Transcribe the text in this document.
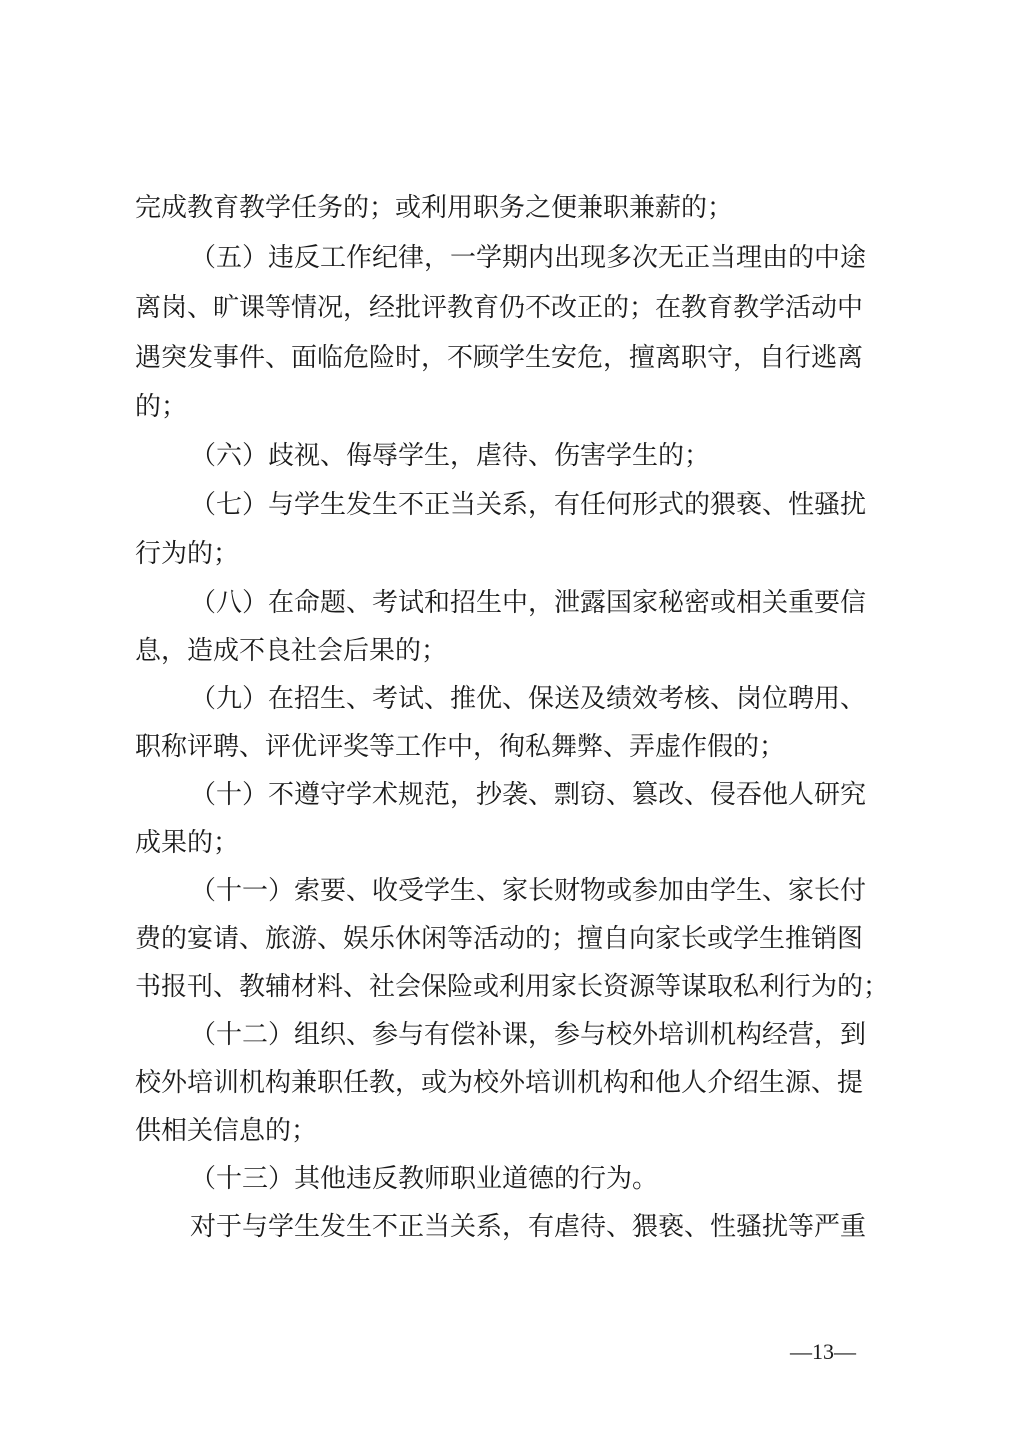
完成教育教学任务的；或利用职务之便兼职兼薪的；
（五）违反工作纪律，一学期内出现多次无正当理由的中途
离岗、旷课等情况，经批评教育仍不改正的；在教育教学活动中
遇突发事件、面临危险时，不顾学生安危，擅离职守，自行逃离
的；
（六）歧视、侮辱学生，虐待、伤害学生的；
（七）与学生发生不正当关系，有任何形式的猥亵、性骚扰
行为的；
（八）在命题、考试和招生中，泄露国家秘密或相关重要信
息，造成不良社会后果的；
（九）在招生、考试、推优、保送及绩效考核、岗位聘用、
职称评聘、评优评奖等工作中，徇私舞弊、弄虚作假的；
（十）不遵守学术规范，抄袭、剽窃、篡改、侵吞他人研究
成果的；
（十一）索要、收受学生、家长财物或参加由学生、家长付
费的宴请、旅游、娱乐休闲等活动的；擅自向家长或学生推销图
书报刊、教辅材料、社会保险或利用家长资源等谋取私利行为的；
（十二）组织、参与有偿补课，参与校外培训机构经营，到
校外培训机构兼职任教，或为校外培训机构和他人介绍生源、提
供相关信息的；
（十三）其他违反教师职业道德的行为。
对于与学生发生不正当关系，有虐待、猥亵、性骚扰等严重
—13—
